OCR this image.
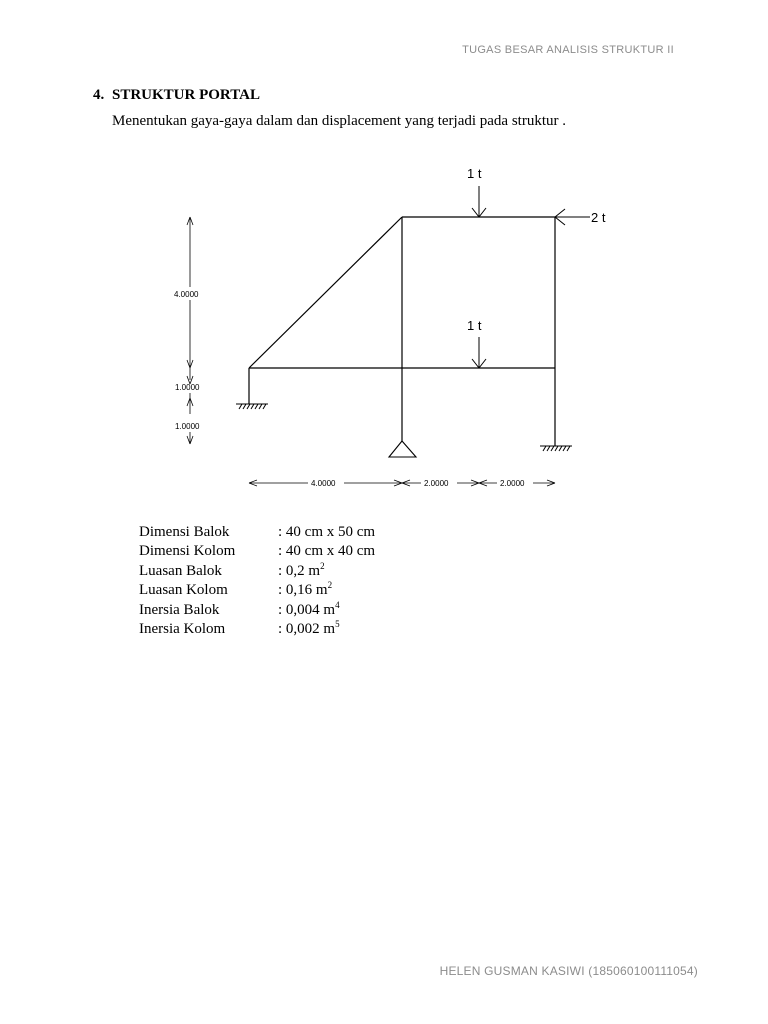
TUGAS BESAR ANALISIS STRUKTUR II
4. STRUKTUR PORTAL
Menentukan gaya-gaya dalam dan displacement yang terjadi pada struktur .
1 t
2 t
1 t
4.0000
1.0000
1.0000
4.0000	2.0000	2.0000
Dimensi Balok	: 40 cm x 50 cm
Dimensi Kolom	: 40 cm x 40 cm
Luasan Balok	: 0,2 $m^2$
Luasan Kolom	: 0,16 $m^2$
Inersia Balok	: 0,004 $m^4$
Inersia Kolom	: 0,002 $m^5$
HELEN GUSMAN KASIWI (185060100111054)
